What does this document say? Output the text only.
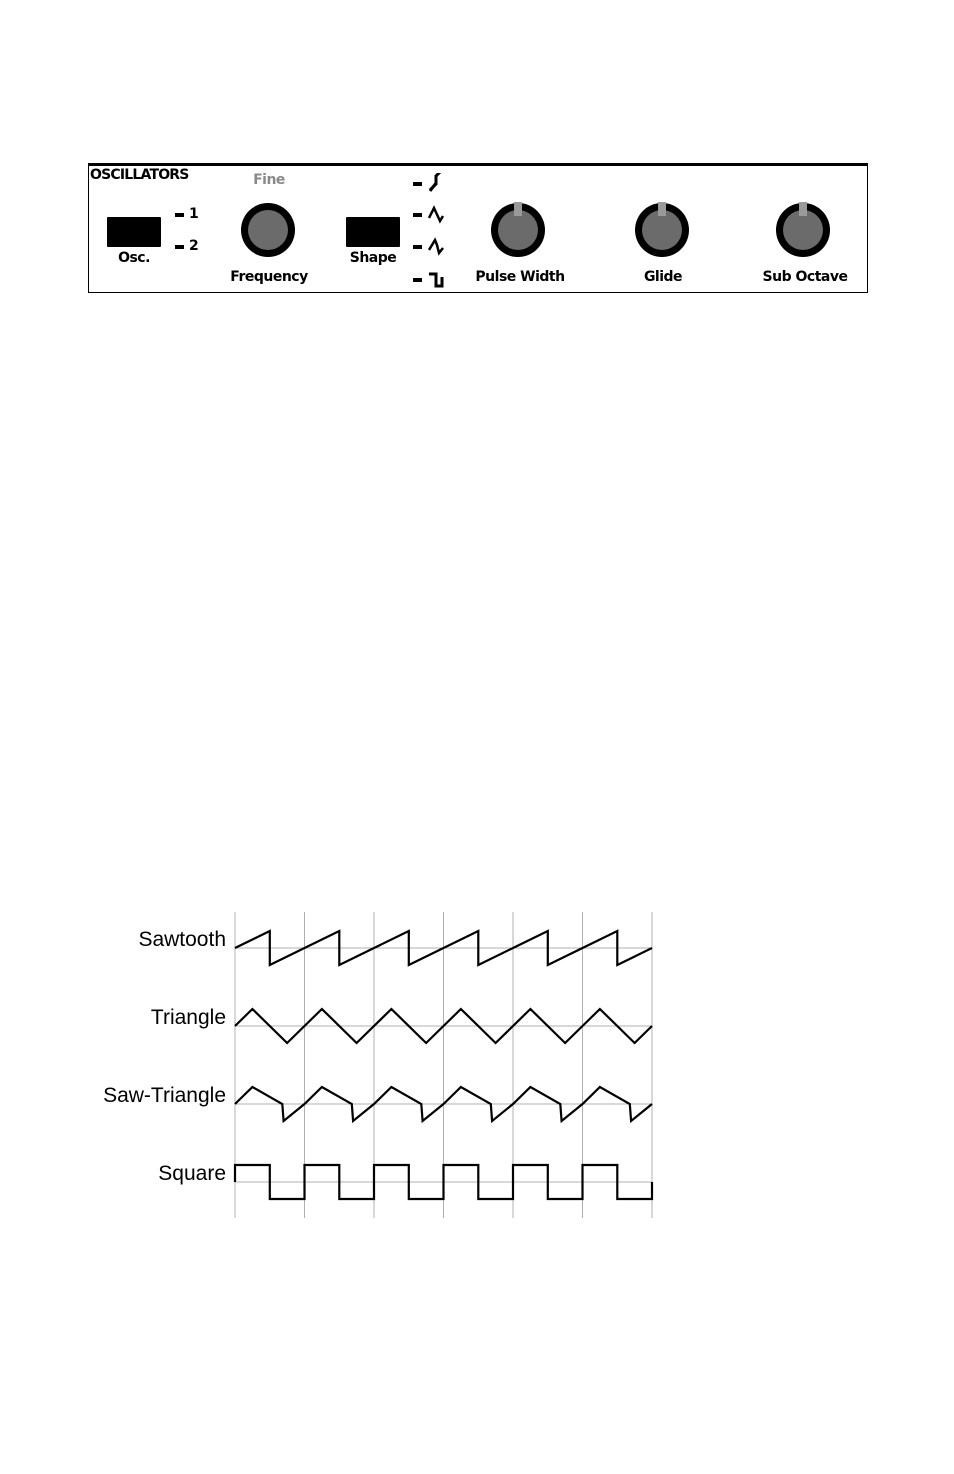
OSCILLATORS
Osc.
1
2
Fine
Frequency
Shape
Pulse Width	Glide	Sub Octave
Sawtooth
Triangle
Saw-Triangle
Square
